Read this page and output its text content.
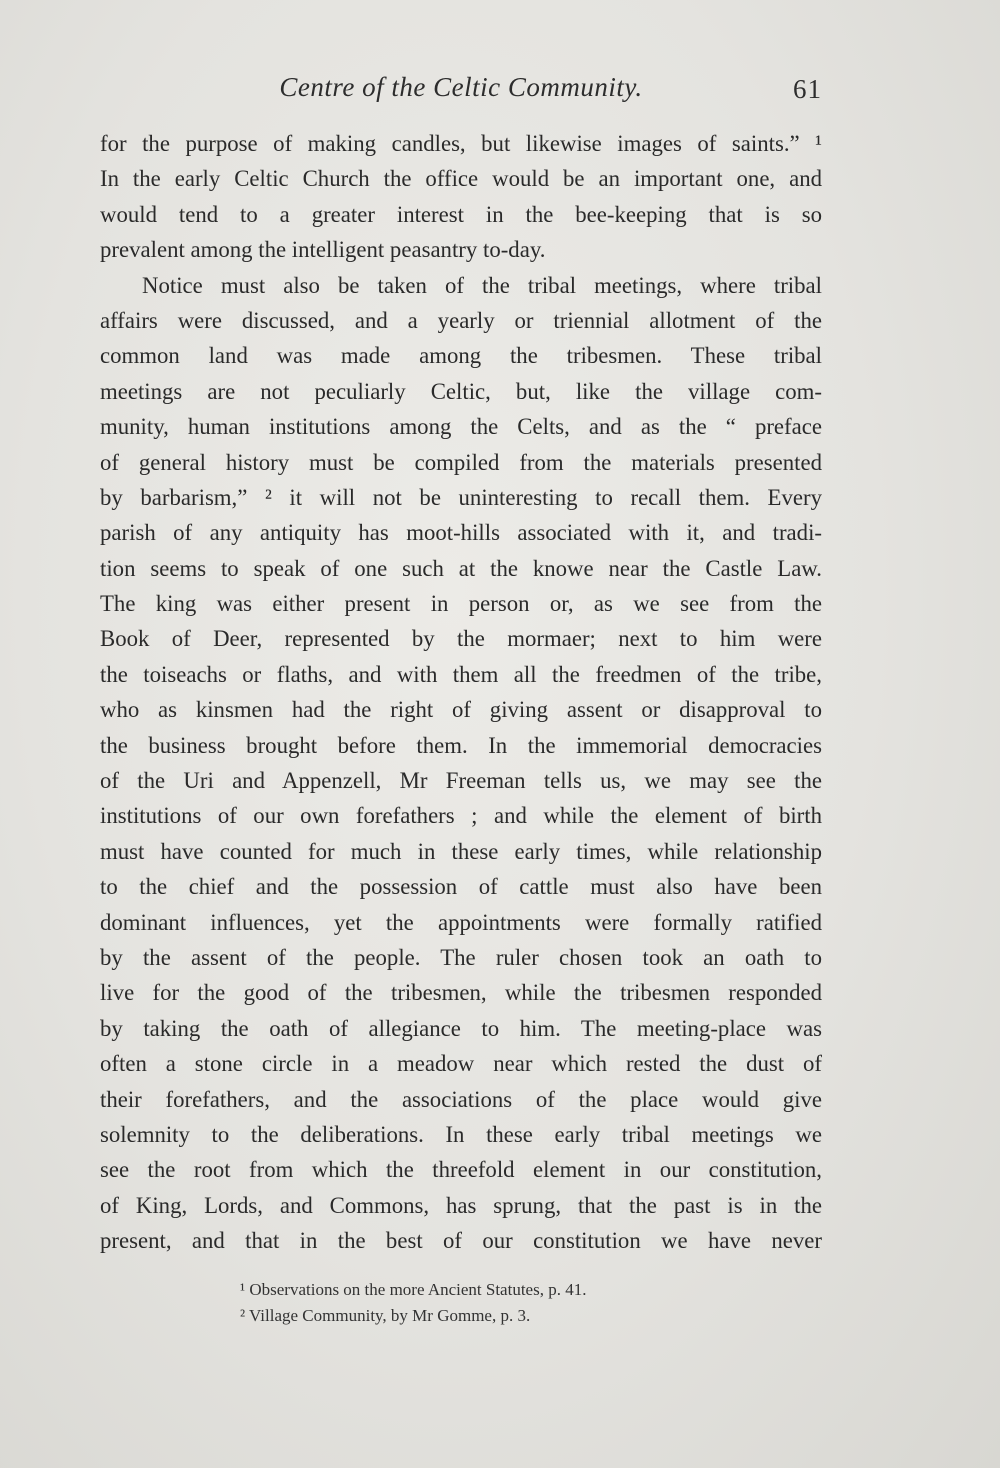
Centre of the Celtic Community.	61
for the purpose of making candles, but likewise images of saints.” ¹
In the early Celtic Church the office would be an important one, and
would tend to a greater interest in the bee-keeping that is so
prevalent among the intelligent peasantry to-day.
Notice must also be taken of the tribal meetings, where tribal
affairs were discussed, and a yearly or triennial allotment of the
common land was made among the tribesmen. These tribal
meetings are not peculiarly Celtic, but, like the village com-
munity, human institutions among the Celts, and as the “ preface
of general history must be compiled from the materials presented
by barbarism,” ² it will not be uninteresting to recall them. Every
parish of any antiquity has moot-hills associated with it, and tradi-
tion seems to speak of one such at the knowe near the Castle Law.
The king was either present in person or, as we see from the
Book of Deer, represented by the mormaer; next to him were
the toiseachs or flaths, and with them all the freedmen of the tribe,
who as kinsmen had the right of giving assent or disapproval to
the business brought before them. In the immemorial democracies
of the Uri and Appenzell, Mr Freeman tells us, we may see the
institutions of our own forefathers ; and while the element of birth
must have counted for much in these early times, while relationship
to the chief and the possession of cattle must also have been
dominant influences, yet the appointments were formally ratified
by the assent of the people. The ruler chosen took an oath to
live for the good of the tribesmen, while the tribesmen responded
by taking the oath of allegiance to him. The meeting-place was
often a stone circle in a meadow near which rested the dust of
their forefathers, and the associations of the place would give
solemnity to the deliberations. In these early tribal meetings we
see the root from which the threefold element in our constitution,
of King, Lords, and Commons, has sprung, that the past is in the
present, and that in the best of our constitution we have never
¹ Observations on the more Ancient Statutes, p. 41.
² Village Community, by Mr Gomme, p. 3.
